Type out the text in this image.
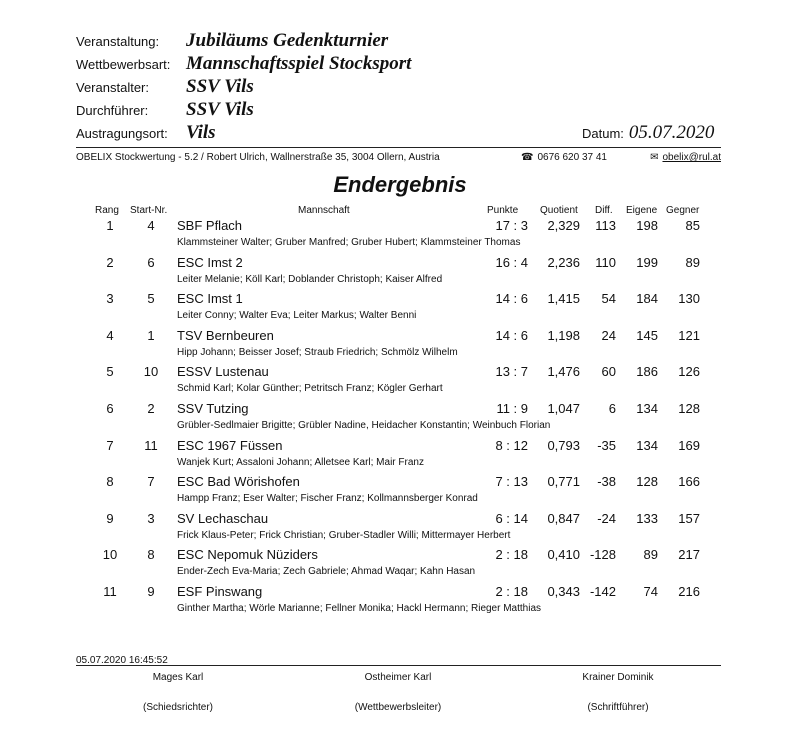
Veranstaltung:	Jubiläums Gedenkturnier
Wettbewerbsart: Mannschaftsspiel Stocksport
Veranstalter:	SSV Vils
Durchführer:	SSV Vils
Austragungsort: Vils	Datum: 05.07.2020
OBELIX Stockwertung - 5.2 / Robert Ulrich, Wallnerstraße 35, 3004 Ollern, Austria	☎ 0676 620 37 41	✉ obelix@rul.at
Endergebnis
Rang Start-Nr.	Mannschaft	Punkte Quotient Diff. Eigene Gegner
1	4	SBF Pflach	17 : 3	2,329	113	198	85
Klammsteiner Walter; Gruber Manfred; Gruber Hubert; Klammsteiner Thomas
2	6	ESC Imst 2	16 : 4	2,236	110	199	89
Leiter Melanie; Köll Karl; Doblander Christoph; Kaiser Alfred
3	5	ESC Imst 1	14 : 6	1,415	54	184	130
Leiter Conny; Walter Eva; Leiter Markus; Walter Benni
4	1	TSV Bernbeuren	14 : 6	1,198	24	145	121
Hipp Johann; Beisser Josef; Straub Friedrich; Schmölz Wilhelm
5	10 ESSV Lustenau	13 : 7	1,476	60	186	126
Schmid Karl; Kolar Günther; Petritsch Franz; Kögler Gerhart
6	2	SSV Tutzing	11 : 9	1,047	6	134	128
Grübler-Sedlmaier Brigitte; Grübler Nadine, Heidacher Konstantin; Weinbuch Florian
7	11	ESC 1967 Füssen	8 : 12	0,793	-35	134	169
Wanjek Kurt; Assaloni Johann; Alletsee Karl; Mair Franz
8	7	ESC Bad Wörishofen	7 : 13	0,771	-38	128	166
Hampp Franz; Eser Walter; Fischer Franz; Kollmannsberger Konrad
9	3	SV Lechaschau	6 : 14	0,847	-24	133	157
Frick Klaus-Peter; Frick Christian; Gruber-Stadler Willi; Mittermayer Herbert
10	8	ESC Nepomuk Nüziders	2 : 18	0,410 -128	89	217
Ender-Zech Eva-Maria; Zech Gabriele; Ahmad Waqar; Kahn Hasan
11	9	ESF Pinswang	2 : 18	0,343 -142	74	216
Ginther Martha; Wörle Marianne; Fellner Monika; Hackl Hermann; Rieger Matthias
05.07.2020 16:45:52
Mages Karl	Ostheimer Karl	Krainer Dominik
(Schiedsrichter)	(Wettbewerbsleiter)	(Schriftführer)
